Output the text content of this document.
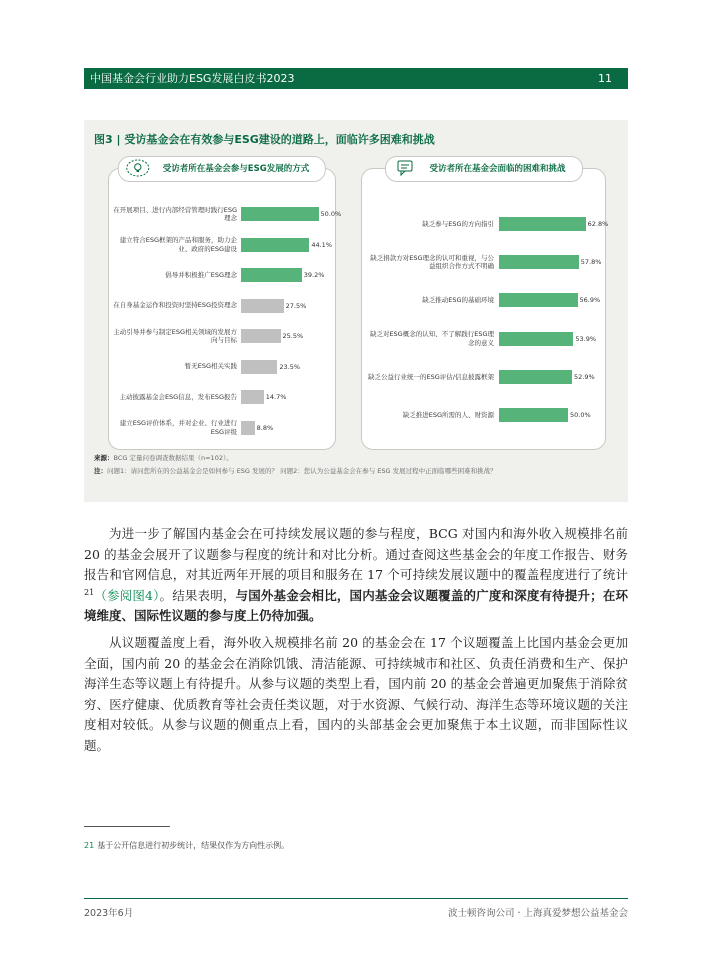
中国基金会行业助力ESG发展白皮书2023	11
图3 | 受访基金会在有效参与ESG建设的道路上，面临许多困难和挑战
受访者所在基金会参与ESG发展的方式
在开展项目、进行内部经营管理时践行ESG理念	50.0%
建立符合ESG框架的产品和服务，助力企业、政府的ESG建设	44.1%
倡导并积极推广ESG理念	39.2%
在自身基金运作和投资时坚持ESG投资理念	27.5%
主动引导并参与制定ESG相关领域的发展方向与目标	25.5%
暂无ESG相关实践	23.5%
主动披露基金会ESG信息，发布ESG报告	14.7%
建立ESG评价体系，并对企业、行业进行ESG评级	8.8%
受访者所在基金会面临的困难和挑战
缺乏参与ESG的方向指引	62.8%
缺乏捐款方对ESG理念的认可和重视，与公益组织合作方式不明确	57.8%
缺乏推动ESG的基础环境	56.9%
缺乏对ESG概念的认知、不了解践行ESG理念的意义	53.9%
缺乏公益行业统一的ESG评估/信息披露框架	52.9%
缺乏推进ESG所需的人、财资源	50.0%
来源：BCG 定量问卷调查数据结果（n=102）。
注：问题1：请问您所在的公益基金会是如何参与 ESG 发展的？ 问题2：您认为公益基金会在参与 ESG 发展过程中正面临哪些困难和挑战？

为进一步了解国内基金会在可持续发展议题的参与程度，BCG 对国内和海外收入规模排名前 20 的基金会展开了议题参与程度的统计和对比分析。通过查阅这些基金会的年度工作报告、财务报告和官网信息，对其近两年开展的项目和服务在 17 个可持续发展议题中的覆盖程度进行了统计$^{21}$（参阅图4）。结果表明，与国外基金会相比，国内基金会议题覆盖的广度和深度有待提升；在环境维度、国际性议题的参与度上仍待加强。

从议题覆盖度上看，海外收入规模排名前 20 的基金会在 17 个议题覆盖上比国内基金会更加全面，国内前 20 的基金会在消除饥饿、清洁能源、可持续城市和社区、负责任消费和生产、保护海洋生态等议题上有待提升。从参与议题的类型上看，国内前 20 的基金会普遍更加聚焦于消除贫穷、医疗健康、优质教育等社会责任类议题，对于水资源、气候行动、海洋生态等环境议题的关注度相对较低。从参与议题的侧重点上看，国内的头部基金会更加聚焦于本土议题，而非国际性议题。

21 基于公开信息进行初步统计，结果仅作为方向性示例。
2023年6月	波士顿咨询公司 · 上海真爱梦想公益基金会
